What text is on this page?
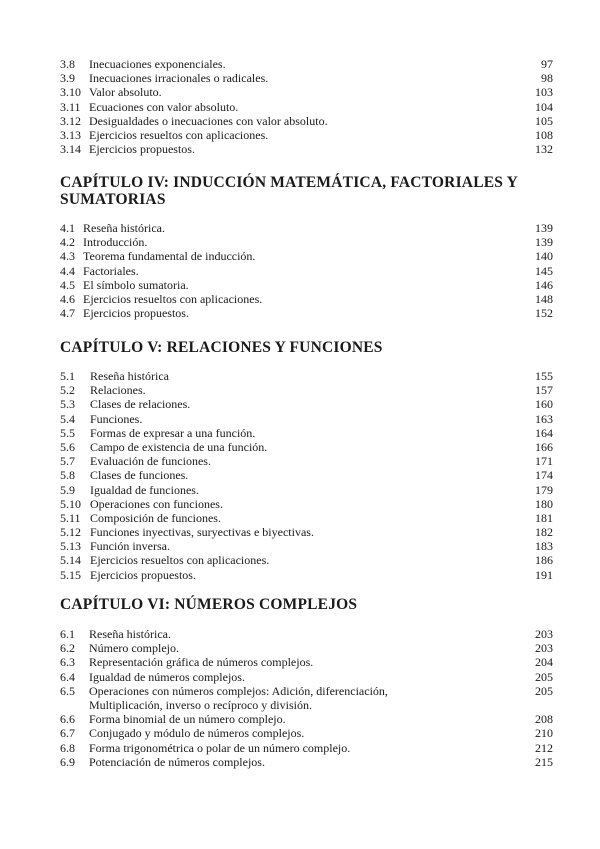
3.8 Inecuaciones exponenciales.	97
3.9 Inecuaciones irracionales o radicales.	98
3.10 Valor absoluto.	103
3.11 Ecuaciones con valor absoluto.	104
3.12 Desigualdades o inecuaciones con valor absoluto.	105
3.13 Ejercicios resueltos con aplicaciones.	108
3.14 Ejercicios propuestos.	132
CAPÍTULO IV: INDUCCIÓN MATEMÁTICA, FACTORIALES Y
SUMATORIAS
4.1 Reseña histórica.	139
4.2 Introducción.	139
4.3 Teorema fundamental de inducción.	140
4.4 Factoriales.	145
4.5 El símbolo sumatoria.	146
4.6 Ejercicios resueltos con aplicaciones.	148
4.7 Ejercicios propuestos.	152
CAPÍTULO V: RELACIONES Y FUNCIONES
5.1 Reseña histórica	155
5.2 Relaciones.	157
5.3 Clases de relaciones.	160
5.4 Funciones.	163
5.5 Formas de expresar a una función.	164
5.6 Campo de existencia de una función.	166
5.7 Evaluación de funciones.	171
5.8 Clases de funciones.	174
5.9 Igualdad de funciones.	179
5.10 Operaciones con funciones.	180
5.11 Composición de funciones.	181
5.12 Funciones inyectivas, suryectivas e biyectivas.	182
5.13 Función inversa.	183
5.14 Ejercicios resueltos con aplicaciones.	186
5.15 Ejercicios propuestos.	191
CAPÍTULO VI: NÚMEROS COMPLEJOS
6.1 Reseña histórica.	203
6.2 Número complejo.	203
6.3 Representación gráfica de números complejos.	204
6.4 Igualdad de números complejos.	205
6.5 Operaciones con números complejos: Adición, diferenciación,	205
Multiplicación, inverso o recíproco y división.
6.6 Forma binomial de un número complejo.	208
6.7 Conjugado y módulo de números complejos.	210
6.8 Forma trigonométrica o polar de un número complejo.	212
6.9 Potenciación de números complejos.	215
